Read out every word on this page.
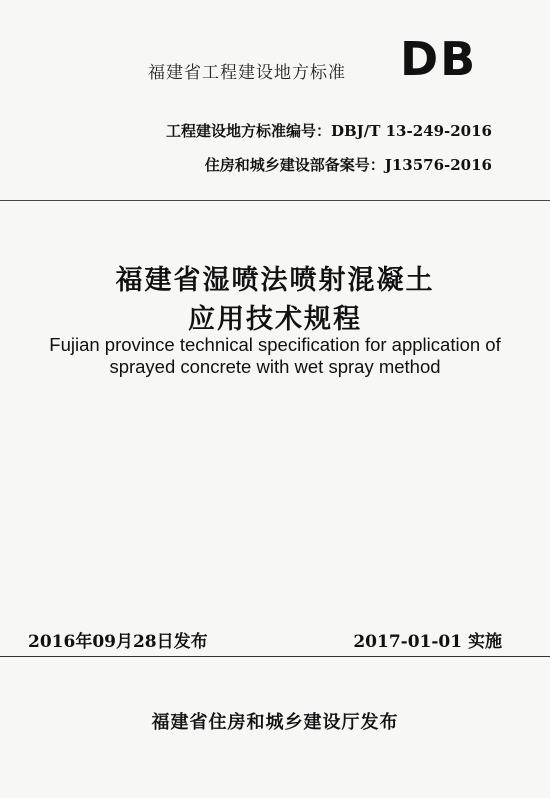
福建省工程建设地方标准 DB
工程建设地方标准编号：DBJ/T 13-249-2016
住房和城乡建设部备案号：J13576-2016
福建省湿喷法喷射混凝土
应用技术规程
Fujian province technical specification for application of
sprayed concrete with wet spray method
2016年09月28日发布	2017-01-01 实施
福建省住房和城乡建设厅发布
